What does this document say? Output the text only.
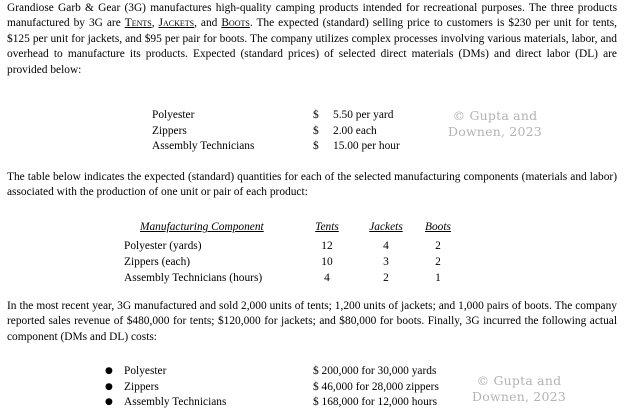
Grandiose Garb & Gear (3G) manufactures high-quality camping products intended for recreational purposes. The three products manufactured by 3G are Tents, Jackets, and Boots. The expected (standard) selling price to customers is $230 per unit for tents, $125 per unit for jackets, and $95 per pair for boots. The company utilizes complex processes involving various materials, labor, and overhead to manufacture its products. Expected (standard prices) of selected direct materials (DMs) and direct labor (DL) are provided below:

Polyester	$ 5.50 per yard
Zippers	$ 2.00 each
Assembly Technicians	$ 15.00 per hour
© Gupta and
Downen, 2023

The table below indicates the expected (standard) quantities for each of the selected manufacturing components (materials and labor) associated with the production of one unit or pair of each product:

Manufacturing Component	Tents	Jackets	Boots
Polyester (yards)	12	4	2
Zippers (each)	10	3	2
Assembly Technicians (hours)	4	2	1

In the most recent year, 3G manufactured and sold 2,000 units of tents; 1,200 units of jackets; and 1,000 pairs of boots. The company reported sales revenue of $480,000 for tents; $120,000 for jackets; and $80,000 for boots. Finally, 3G incurred the following actual component (DMs and DL) costs:

● Polyester	$ 200,000 for 30,000 yards
● Zippers	$ 46,000 for 28,000 zippers
● Assembly Technicians	$ 168,000 for 12,000 hours
© Gupta and
Downen, 2023
